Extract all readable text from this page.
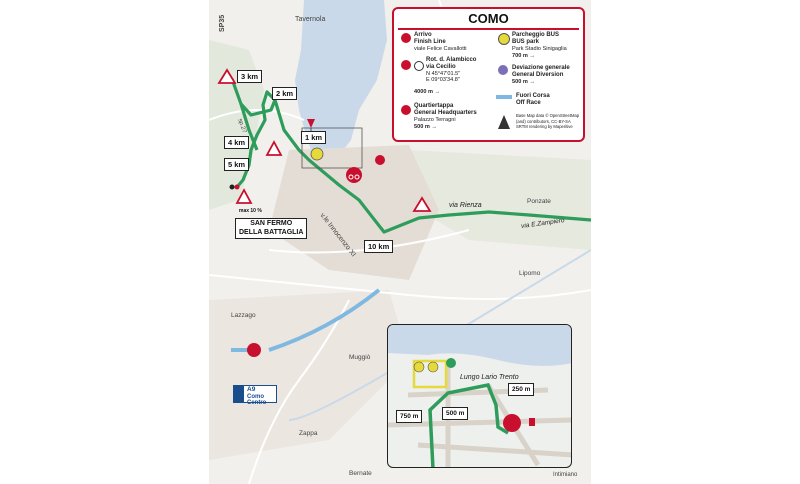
SP35	Tavernola
sp.27
v.le Innocenzo XI
via Rienza
via E.Zampiero
Ponzate
Lipomo
Lazzago
Muggiò
Zappa
Bernate	Intimiano
3 km
2 km
4 km
5 km
1 km
10 km
max 10 %
SAN FERMO
DELLA BATTAGLIA
A9
Como Centro
COMO
Arrivo
Finish Line
viale Felice Cavallotti
Rot. d. Alambicco
via Cecilio
N 45°47'01.5"
E 09°03'34.8"
4000 m →
Quartiertappa
General Headquarters
Palazzo Terragni
500 m →
Parcheggio BUS
BUS park
Park Stadio Sinigaglia
700 m →
Deviazione generale
General Diversion
500 m →
Fuori Corsa
Off Race
Base Map data © OpenStreetMap
(and) contributors, CC-BY-SA
SRTM rendering by Maperitive
Lungo Lario Trento
250 m
500 m
750 m
